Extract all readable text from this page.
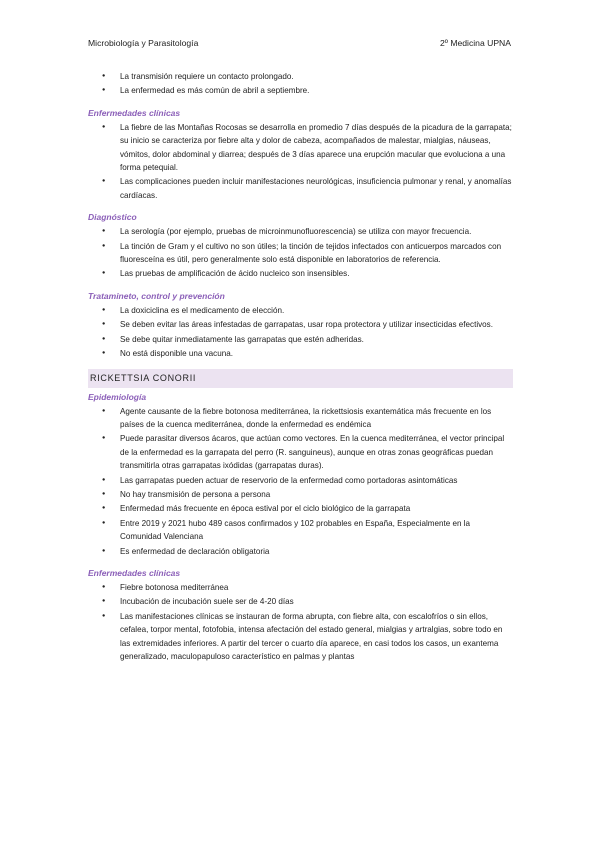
Microbiología y Parasitología	2º Medicina UPNA
● La transmisión requiere un contacto prolongado.
● La enfermedad es más común de abril a septiembre.
Enfermedades clínicas
● La fiebre de las Montañas Rocosas se desarrolla en promedio 7 días después de la picadura de la garrapata; su inicio se caracteriza por fiebre alta y dolor de cabeza, acompañados de malestar, mialgias, náuseas, vómitos, dolor abdominal y diarrea; después de 3 días aparece una erupción macular que evoluciona a una forma petequial.
● Las complicaciones pueden incluir manifestaciones neurológicas, insuficiencia pulmonar y renal, y anomalías cardíacas.
Diagnóstico
● La serología (por ejemplo, pruebas de microinmunofluorescencia) se utiliza con mayor frecuencia.
● La tinción de Gram y el cultivo no son útiles; la tinción de tejidos infectados con anticuerpos marcados con fluoresceína es útil, pero generalmente solo está disponible en laboratorios de referencia.
● Las pruebas de amplificación de ácido nucleico son insensibles.
Tratamineto, control y prevención
● La doxiciclina es el medicamento de elección.
● Se deben evitar las áreas infestadas de garrapatas, usar ropa protectora y utilizar insecticidas efectivos.
● Se debe quitar inmediatamente las garrapatas que estén adheridas.
● No está disponible una vacuna.
RICKETTSIA CONORII
Epidemiología
● Agente causante de la fiebre botonosa mediterránea, la rickettsiosis exantemática más frecuente en los países de la cuenca mediterránea, donde la enfermedad es endémica
● Puede parasitar diversos ácaros, que actúan como vectores. En la cuenca mediterránea, el vector principal de la enfermedad es la garrapata del perro (R. sanguineus), aunque en otras zonas geográficas puedan transmitirla otras garrapatas ixódidas (garrapatas duras).
● Las garrapatas pueden actuar de reservorio de la enfermedad como portadoras asintomáticas
● No hay transmisión de persona a persona
● Enfermedad más frecuente en época estival por el ciclo biológico de la garrapata
● Entre 2019 y 2021 hubo 489 casos confirmados y 102 probables en España, Especialmente en la Comunidad Valenciana
● Es enfermedad de declaración obligatoria
Enfermedades clínicas
● Fiebre botonosa mediterránea
● Incubación de incubación suele ser de 4-20 días
● Las manifestaciones clínicas se instauran de forma abrupta, con fiebre alta, con escalofríos o sin ellos, cefalea, torpor mental, fotofobia, intensa afectación del estado general, mialgias y artralgias, sobre todo en las extremidades inferiores. A partir del tercer o cuarto día aparece, en casi todos los casos, un exantema generalizado, maculopapuloso característico en palmas y plantas
